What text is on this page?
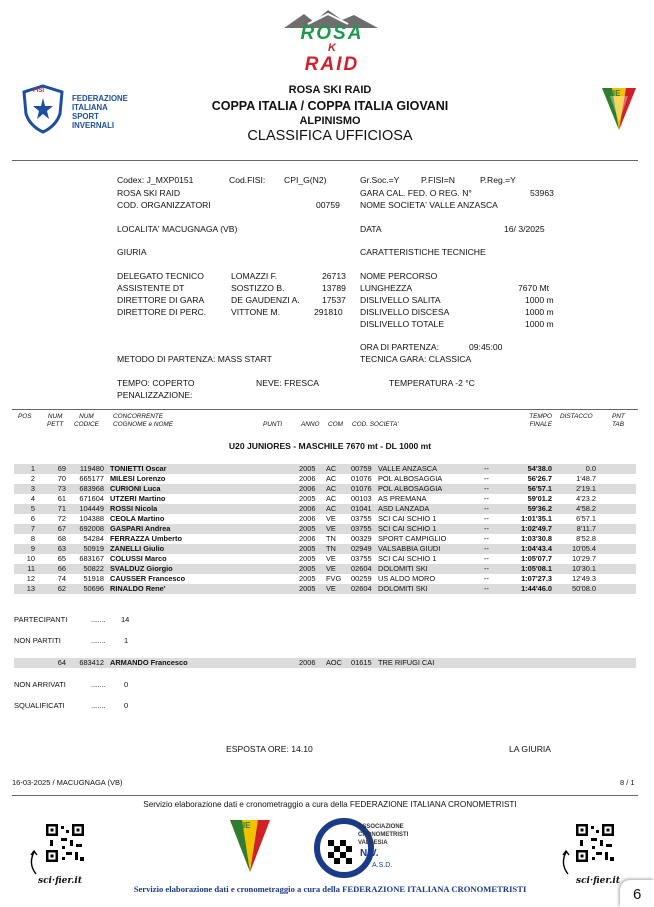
ROSA
K
RAID
FISI
FEDERAZIONE
ITALIANA
SPORT
INVERNALI
ROSA SKI RAID
COPPA ITALIA / COPPA ITALIA GIOVANI
ALPINISMO
CLASSIFICA UFFICIOSA
FIE
Codex: J_MXP0151	Cod.FISI: CPI_G(N2)	Gr.Soc.=Y	P.FISI=N	P.Reg.=Y
ROSA SKI RAID	GARA CAL. FED. O REG. N°	53963
COD. ORGANIZZATORI	00759 NOME SOCIETA' VALLE ANZASCA
LOCALITA' MACUGNAGA (VB)	DATA	16/ 3/2025
GIURIA	CARATTERISTICHE TECNICHE
DELEGATO TECNICO	LOMAZZI F.	26713
ASSISTENTE DT	SOSTIZZO B.	13789
DIRETTORE DI GARA	DE GAUDENZI A.	17537
DIRETTORE DI PERC.	VITTONE M.	291810
NOME PERCORSO
LUNGHEZZA	7670 Mt
DISLIVELLO SALITA	1000 m
DISLIVELLO DISCESA	1000 m
DISLIVELLO TOTALE	1000 m
ORA DI PARTENZA:	09:45:00
METODO DI PARTENZA: MASS START	TECNICA GARA: CLASSICA
TEMPO: COPERTO	NEVE: FRESCA	TEMPERATURA -2 °C
PENALIZZAZIONE:
POS	NUM
PETT
NUM
CODICE
CONCORRENTE
COGNOME e NOME	PUNTI	ANNO COM COD. SOCIETA'
TEMPO
FINALE
DISTACCO	PNT
TAB
U20 JUNIORES - MASCHILE 7670 mt - DL 1000 mt
1	69	119480 TONIETTI Oscar	2005 AC 00759 VALLE ANZASCA	--	54'38.0	0.0
2	70	665177 MILESI Lorenzo	2006 AC 01076 POL ALBOSAGGIA	--	56'26.7	1'48.7
3	73	683968 CURIONI Luca	2006 AC 01076 POL ALBOSAGGIA	--	56'57.1	2'19.1
4	61	671604 UTZERI Martino	2005 AC 00103 AS PREMANA	--	59'01.2	4'23.2
5	71	104449 ROSSI Nicola	2006 AC 01041 ASD LANZADA	--	59'36.2	4'58.2
6	72	104388 CEOLA Martino	2006 VE 03755 SCI CAI SCHIO 1	--	1:01'35.1	6'57.1
7	67	692008 GASPARI Andrea	2005 VE 03755 SCI CAI SCHIO 1	--	1:02'49.7	8'11.7
8	68	54284 FERRAZZA Umberto	2006 TN 00329 SPORT CAMPIGLIO	--	1:03'30.8	8'52.8
9	63	50919 ZANELLI Giulio	2005 TN 02949 VALSABBIA GIUDI	--	1:04'43.4	10'05.4
10	65	683167 COLUSSI Marco	2005 VE 03755 SCI CAI SCHIO 1	--	1:05'07.7	10'29.7
11	66	50822 SVALDUZ Giorgio	2005 VE 02604 DOLOMITI SKI	--	1:05'08.1	10'30.1
12	74	51918 CAUSSER Francesco	2005 FVG 00259 US ALDO MORO	--	1:07'27.3	12'49.3
13	62	50696 RINALDO Rene'	2005 VE 02604 DOLOMITI SKI	--	1:44'46.0	50'08.0
PARTECIPANTI	....... 14
NON PARTITI	....... 1
64	683412 ARMANDO Francesco	2006 AOC 01615 TRE RIFUGI CAI
NON ARRIVATI	....... 0
SQUALIFICATI	....... 0
ESPOSTA ORE: 14.10	LA GIURIA
16-03-2025 / MACUGNAGA (VB)	8 / 1
Servizio elaborazione dati e cronometraggio a cura della FEDERAZIONE ITALIANA CRONOMETRISTI
sci·fier.it
FIE	ASSOCIAZIONE
CRONOMETRISTI
VALSESIA
N.V.
A.S.D.
sci·fier.it
Servizio elaborazione dati e cronometraggio a cura della FEDERAZIONE ITALIANA CRONOMETRISTI	6
